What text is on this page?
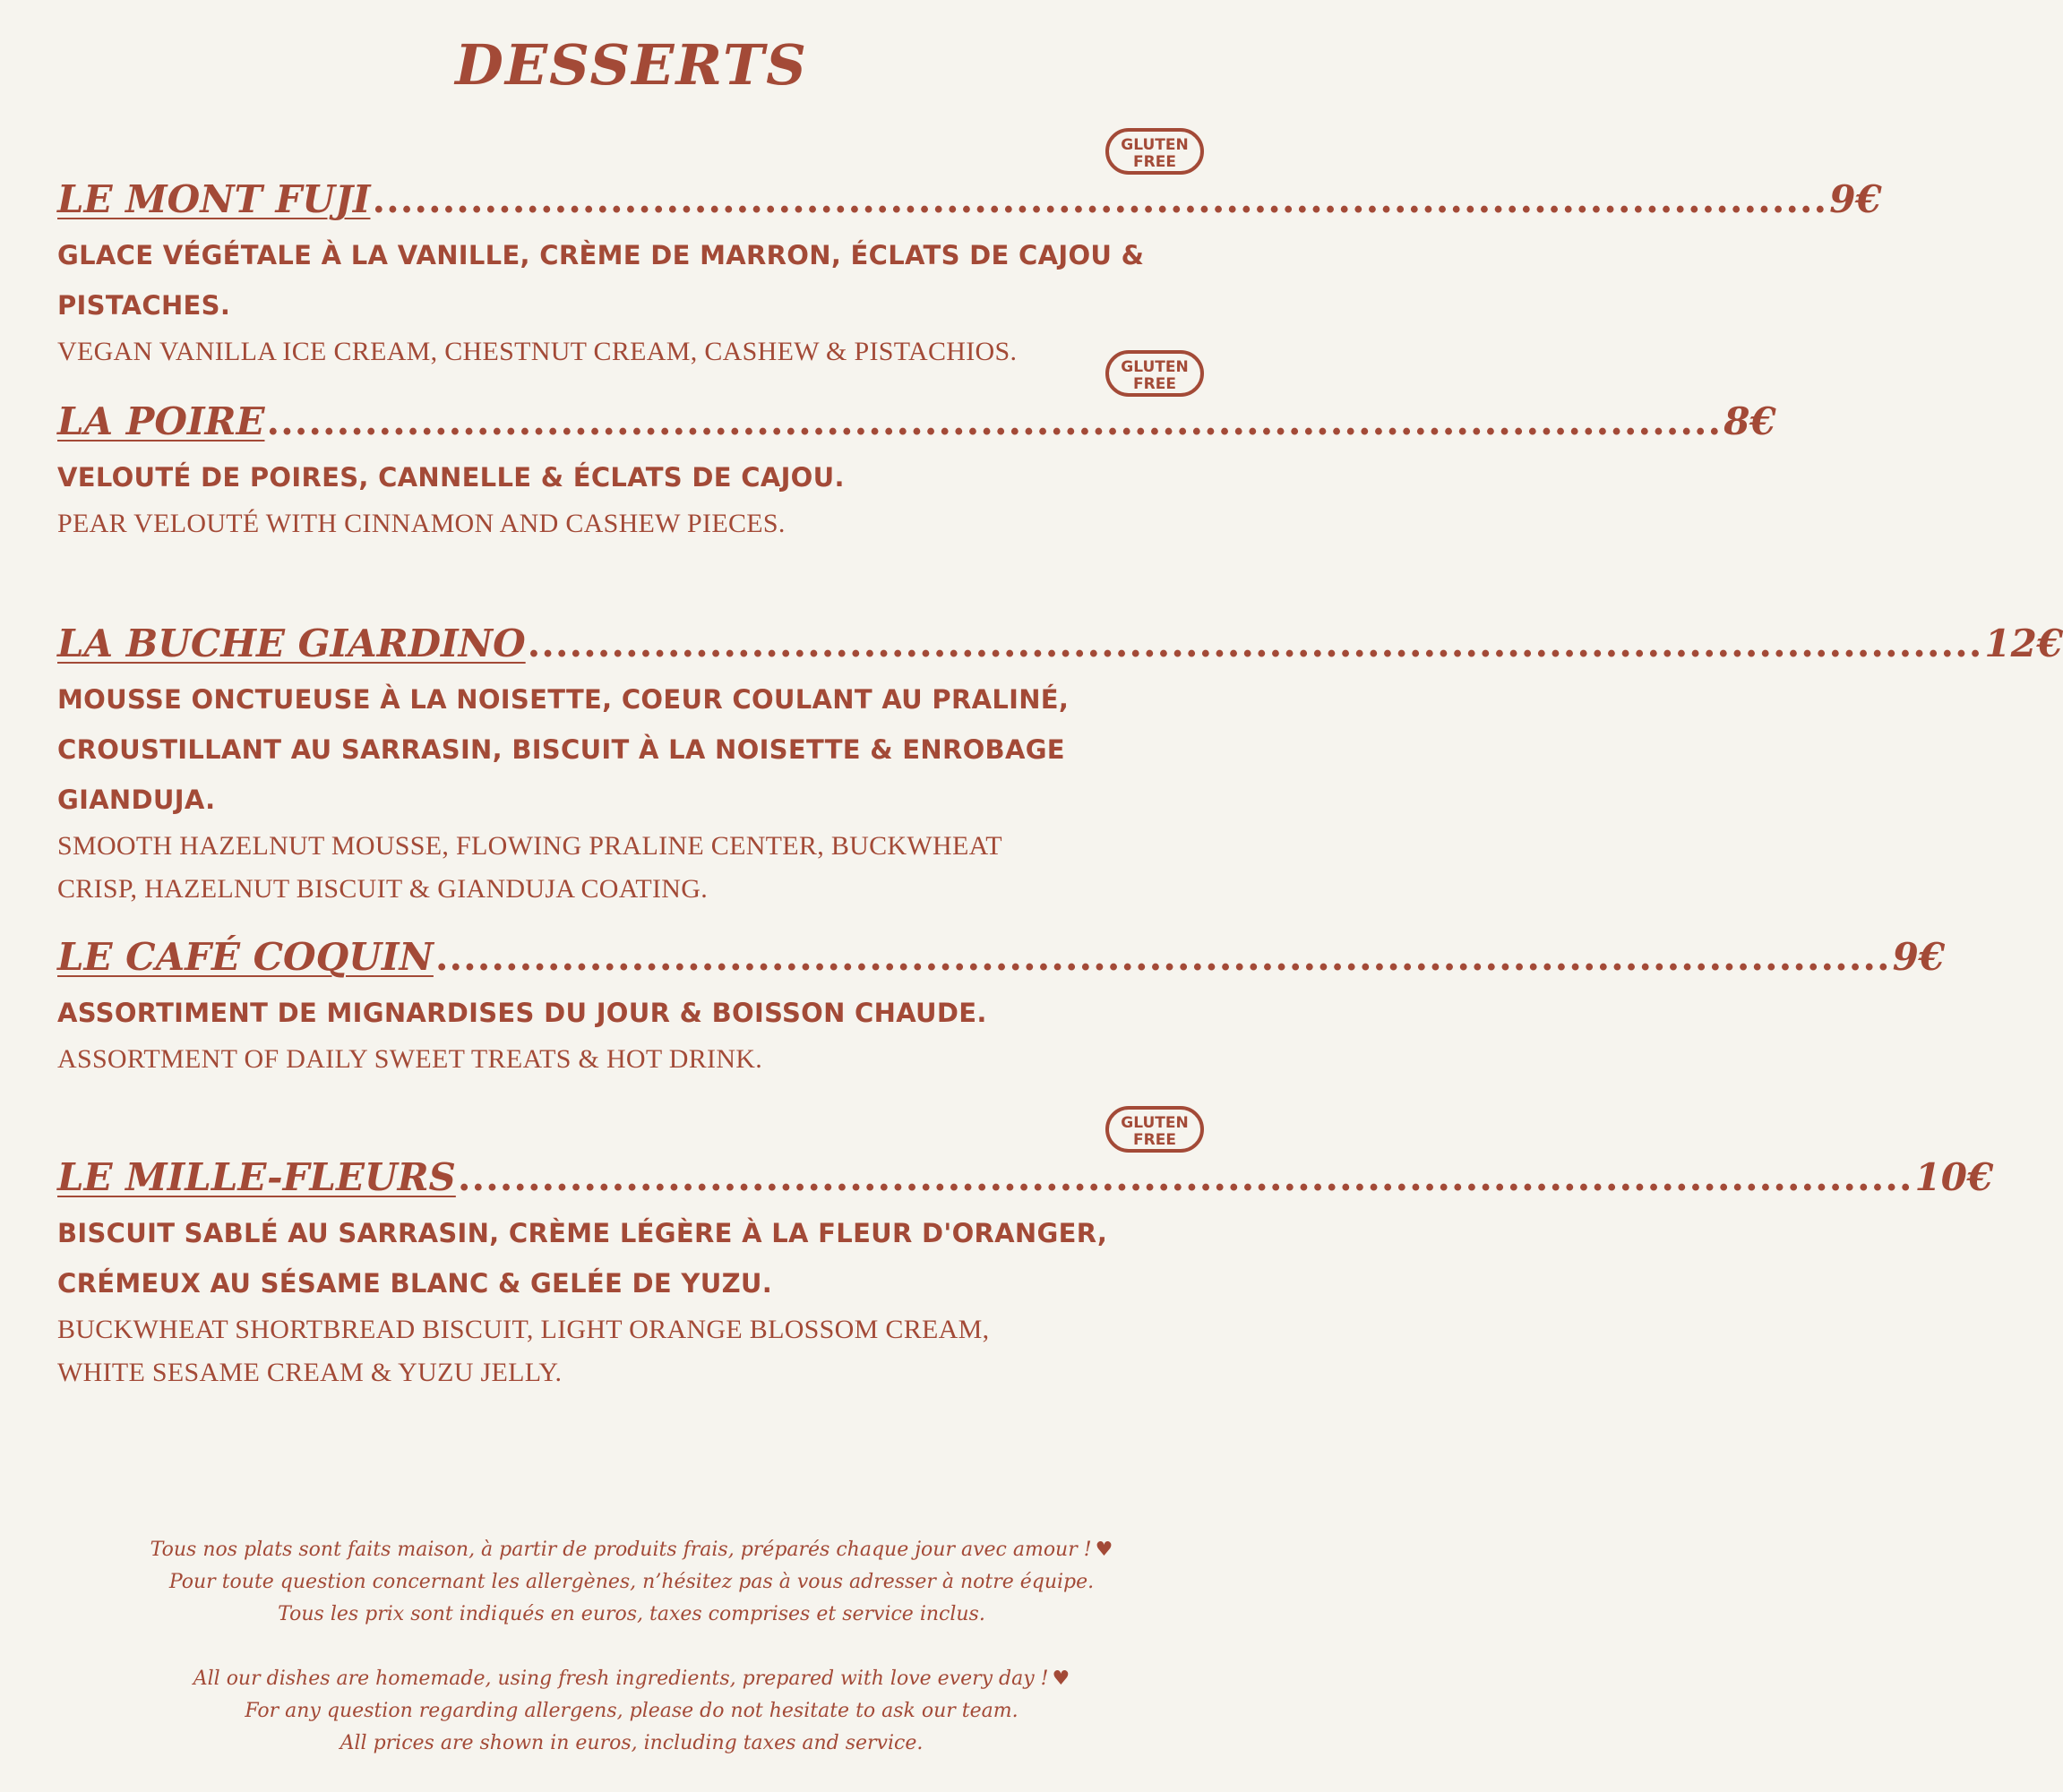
DESSERTS
GLUTEN
FREE
GLUTEN
FREE
GLUTEN
FREE
LE MONT FUJI ........................................................................................................ 9€
GLACE VÉGÉTALE À LA VANILLE, CRÈME DE MARRON, ÉCLATS DE CAJOU & PISTACHES.
VEGAN VANILLA ICE CREAM, CHESTNUT CREAM, CASHEW & PISTACHIOS.
LA POIRE ........................................................................................................ 8€
VELOUTÉ DE POIRES, CANNELLE & ÉCLATS DE CAJOU.
PEAR VELOUTÉ WITH CINNAMON AND CASHEW PIECES.
LA BUCHE GIARDINO ........................................................................................................ 12€
MOUSSE ONCTUEUSE À LA NOISETTE, COEUR COULANT AU PRALINÉ,
CROUSTILLANT AU SARRASIN, BISCUIT À LA NOISETTE & ENROBAGE GIANDUJA.
SMOOTH HAZELNUT MOUSSE, FLOWING PRALINE CENTER, BUCKWHEAT
CRISP, HAZELNUT BISCUIT & GIANDUJA COATING.
LE CAFÉ COQUIN ........................................................................................................ 9€
ASSORTIMENT DE MIGNARDISES DU JOUR & BOISSON CHAUDE.
ASSORTMENT OF DAILY SWEET TREATS & HOT DRINK.
LE MILLE-FLEURS ........................................................................................................ 10€
BISCUIT SABLÉ AU SARRASIN, CRÈME LÉGÈRE À LA FLEUR D'ORANGER,
CRÉMEUX AU SÉSAME BLANC & GELÉE DE YUZU.
BUCKWHEAT SHORTBREAD BISCUIT, LIGHT ORANGE BLOSSOM CREAM,
WHITE SESAME CREAM & YUZU JELLY.
Tous nos plats sont faits maison, à partir de produits frais, préparés chaque jour avec amour ! ♥
Pour toute question concernant les allergènes, n’hésitez pas à vous adresser à notre équipe.
Tous les prix sont indiqués en euros, taxes comprises et service inclus.
All our dishes are homemade, using fresh ingredients, prepared with love every day ! ♥
For any question regarding allergens, please do not hesitate to ask our team.
All prices are shown in euros, including taxes and service.
